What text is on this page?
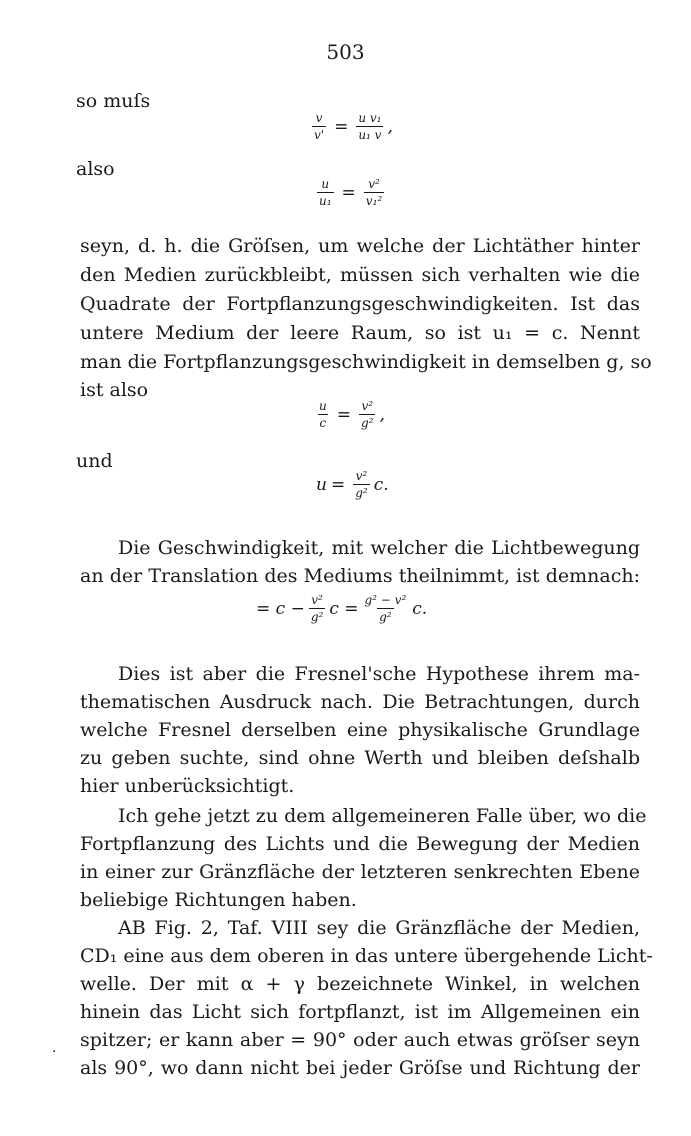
503
so muſs
$\frac{v}{v'} = \frac{\text{u v₁}}{\text{u₁ v}}$ ,
also
$\frac{u}{\text{u₁}} = \frac{\text{v²}}{\text{v₁²}}$
seyn, d. h. die Gröſsen, um welche der Lichtäther hinter
den Medien zurückbleibt, müssen sich verhalten wie die
Quadrate der Fortpflanzungsgeschwindigkeiten. Ist das
untere Medium der leere Raum, so ist u₁ = c. Nennt
man die Fortpflanzungsgeschwindigkeit in demselben g, so
ist also
$\frac{u}{c} = \frac{\text{v²}}{\text{g²}}$ ,
und
$u = \frac{\text{v²}}{\text{g²}} c$.
Die Geschwindigkeit, mit welcher die Lichtbewegung
an der Translation des Mediums theilnimmt, ist demnach:
= $c - \frac{\text{v²}}{\text{g²}}$ $c = \frac{\text{g² − v²}}{\text{g²}} c$.
Dies ist aber die Fresnel'sche Hypothese ihrem ma-
thematischen Ausdruck nach. Die Betrachtungen, durch
welche Fresnel derselben eine physikalische Grundlage
zu geben suchte, sind ohne Werth und bleiben deſshalb
hier unberücksichtigt.
Ich gehe jetzt zu dem allgemeineren Falle über, wo die
Fortpflanzung des Lichts und die Bewegung der Medien
in einer zur Gränzfläche der letzteren senkrechten Ebene
beliebige Richtungen haben.
AB Fig. 2, Taf. VIII sey die Gränzfläche der Medien,
CD₁ eine aus dem oberen in das untere übergehende Licht-
welle. Der mit α + γ bezeichnete Winkel, in welchen
hinein das Licht sich fortpflanzt, ist im Allgemeinen ein
spitzer; er kann aber = 90° oder auch etwas gröſser seyn
als 90°, wo dann nicht bei jeder Gröſse und Richtung der
.
